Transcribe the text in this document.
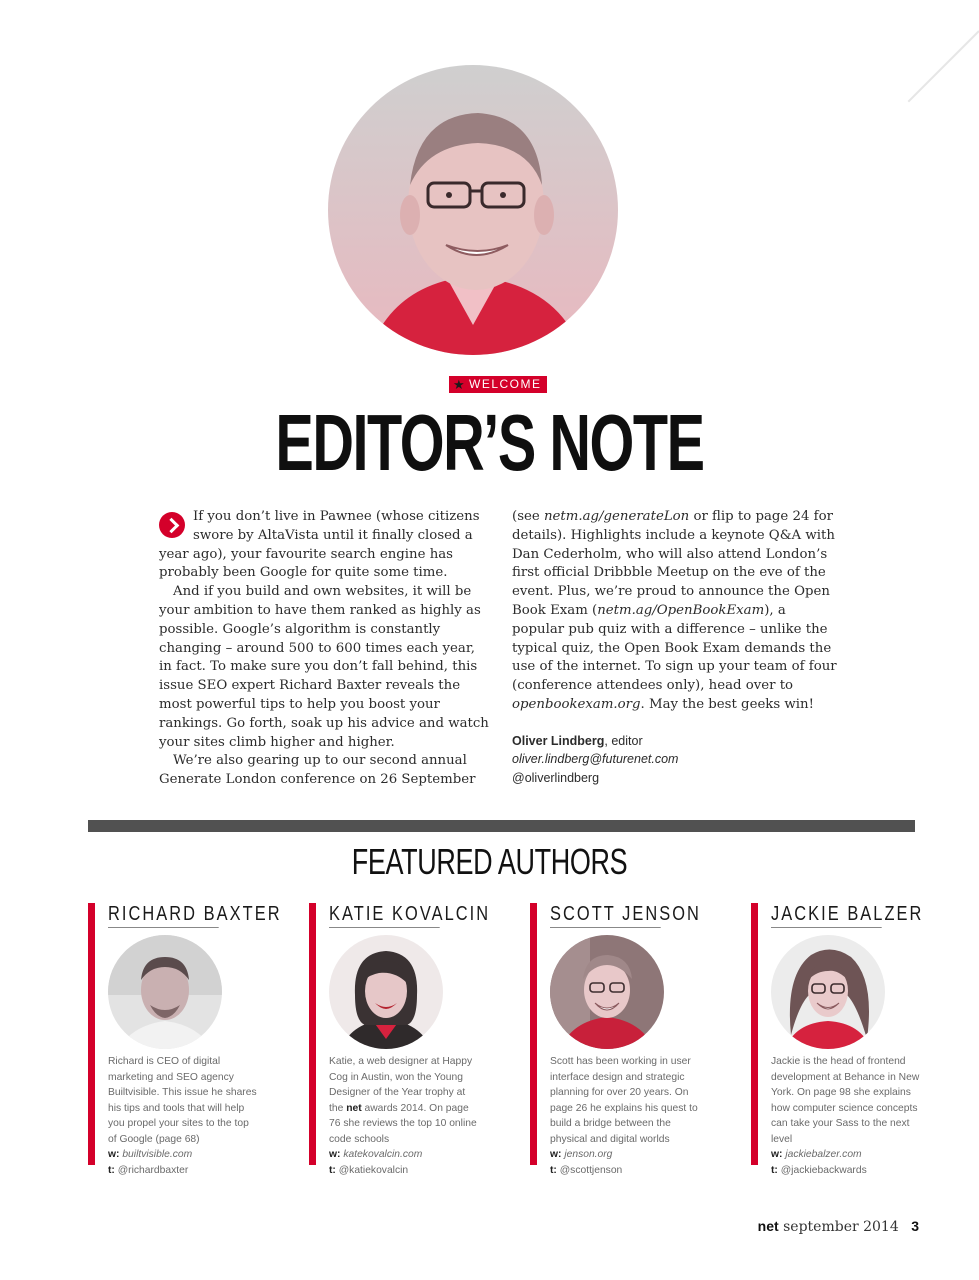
★ WELCOME
EDITOR’S NOTE

If you don’t live in Pawnee (whose citizens swore by AltaVista until it finally closed a year ago), your favourite search engine has probably been Google for quite some time.

And if you build and own websites, it will be your ambition to have them ranked as highly as possible. Google’s algorithm is constantly changing – around 500 to 600 times each year, in fact. To make sure you don’t fall behind, this issue SEO expert Richard Baxter reveals the most powerful tips to help you boost your rankings. Go forth, soak up his advice and watch your sites climb higher and higher.

We’re also gearing up to our second annual Generate London conference on 26 September

(see netm.ag/generateLon or flip to page 24 for details). Highlights include a keynote Q&A with Dan Cederholm, who will also attend London’s first official Dribbble Meetup on the eve of the event. Plus, we’re proud to announce the Open Book Exam (netm.ag/OpenBookExam), a popular pub quiz with a difference – unlike the typical quiz, the Open Book Exam demands the use of the internet. To sign up your team of four (conference attendees only), head over to openbookexam.org. May the best geeks win!

Oliver Lindberg, editor
oliver.lindberg@futurenet.com
@oliverlindberg
FEATURED AUTHORS
RICHARD BAXTER
Richard is CEO of digital marketing and SEO agency Builtvisible. This issue he shares his tips and tools that will help you propel your sites to the top of Google (page 68)
w: builtvisible.com
t: @richardbaxter
KATIE KOVALCIN
Katie, a web designer at Happy Cog in Austin, won the Young Designer of the Year trophy at the net awards 2014. On page 76 she reviews the top 10 online code schools
w: katekovalcin.com
t: @katiekovalcin
SCOTT JENSON
Scott has been working in user interface design and strategic planning for over 20 years. On page 26 he explains his quest to build a bridge between the physical and digital worlds
w: jenson.org
t: @scottjenson
JACKIE BALZER
Jackie is the head of frontend development at Behance in New York. On page 98 she explains how computer science concepts can take your Sass to the next level
w: jackiebalzer.com
t: @jackiebackwards
net september 2014 3
